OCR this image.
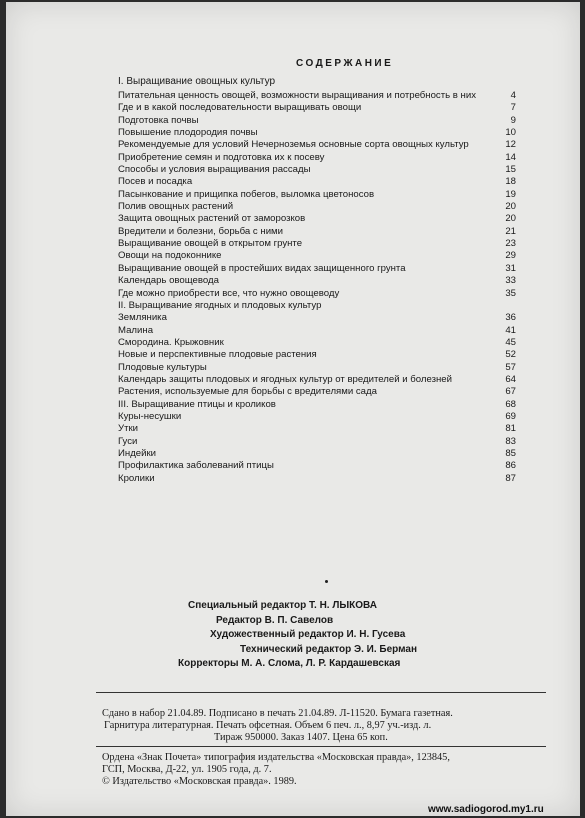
СОДЕРЖАНИЕ
I. Выращивание овощных культур
Питательная ценность овощей, возможности выращивания и потребность в них	4
Где и в какой последовательности выращивать овощи	7
Подготовка почвы	9
Повышение плодородия почвы	10
Рекомендуемые для условий Нечерноземья основные сорта овощных культур	12
Приобретение семян и подготовка их к посеву	14
Способы и условия выращивания рассады	15
Посев и посадка	18
Пасынкование и прищипка побегов, выломка цветоносов	19
Полив овощных растений	20
Защита овощных растений от заморозков	20
Вредители и болезни, борьба с ними	21
Выращивание овощей в открытом грунте	23
Овощи на подоконнике	29
Выращивание овощей в простейших видах защищенного грунта	31
Календарь овощевода	33
Где можно приобрести все, что нужно овощеводу	35
II. Выращивание ягодных и плодовых культур
Земляника	36
Малина	41
Смородина. Крыжовник	45
Новые и перспективные плодовые растения	52
Плодовые культуры	57
Календарь защиты плодовых и ягодных культур от вредителей и болезней	64
Растения, используемые для борьбы с вредителями сада	67
III. Выращивание птицы и кроликов	68
Куры-несушки	69
Утки	81
Гуси	83
Индейки	85
Профилактика заболеваний птицы	86
Кролики	87
Специальный редактор Т. Н. ЛЫКОВА
Редактор В. П. Савелов
Художественный редактор И. Н. Гусева
Технический редактор Э. И. Берман
Корректоры М. А. Слома, Л. Р. Кардашевская
Сдано в набор 21.04.89. Подписано в печать 21.04.89. Л-11520. Бумага газетная.
Гарнитура литературная. Печать офсетная. Объем 6 печ. л., 8,97 уч.-изд. л.
Тираж 950000. Заказ 1407. Цена 65 коп.
Ордена «Знак Почета» типография издательства «Московская правда», 123845,
ГСП, Москва, Д-22, ул. 1905 года, д. 7.
© Издательство «Московская правда». 1989.
www.sadiogorod.my1.ru
